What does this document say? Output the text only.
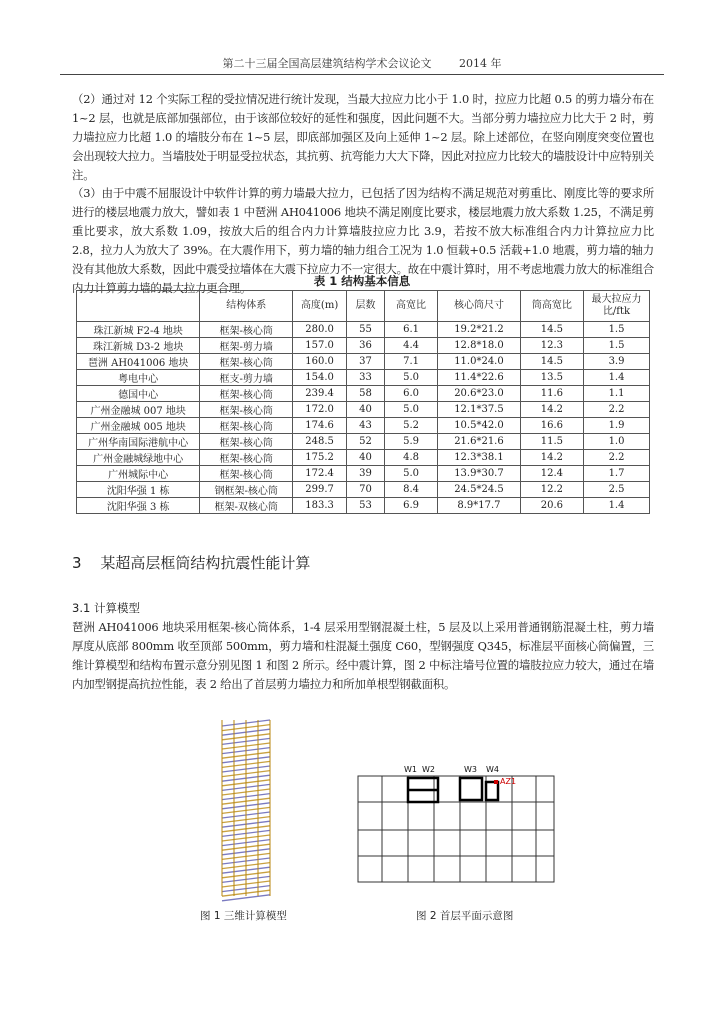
第二十三届全国高层建筑结构学术会议论文	2014 年
（2）通过对 12 个实际工程的受拉情况进行统计发现，当最大拉应力比小于 1.0 时，拉应力比超 0.5 的剪力墙分布在 1~2 层，也就是底部加强部位，由于该部位较好的延性和强度，因此问题不大。当部分剪力墙拉应力比大于 2 时，剪力墙拉应力比超 1.0 的墙肢分布在 1~5 层，即底部加强区及向上延伸 1~2 层。除上述部位，在竖向刚度突变位置也会出现较大拉力。当墙肢处于明显受拉状态，其抗剪、抗弯能力大大下降，因此对拉应力比较大的墙肢设计中应特别关注。
（3）由于中震不屈服设计中软件计算的剪力墙最大拉力，已包括了因为结构不满足规范对剪重比、刚度比等的要求所进行的楼层地震力放大，譬如表 1 中琶洲 AH041006 地块不满足刚度比要求，楼层地震力放大系数 1.25，不满足剪重比要求，放大系数 1.09，按放大后的组合内力计算墙肢拉应力比 3.9，若按不放大标准组合内力计算拉应力比 2.8，拉力人为放大了 39%。在大震作用下，剪力墙的轴力组合工况为 1.0 恒载+0.5 活载+1.0 地震，剪力墙的轴力没有其他放大系数，因此中震受拉墙体在大震下拉应力不一定很大。故在中震计算时，用不考虑地震力放大的标准组合内力计算剪力墙的最大拉力更合理。	表 1 结构基本信息
	结构体系	高度(m)	层数	高宽比	核心筒尺寸	筒高宽比	最大拉应力比/ftk
珠江新城 F2-4 地块	框架-核心筒	280.0	55	6.1	19.2*21.2	14.5	1.5
珠江新城 D3-2 地块	框架-剪力墙	157.0	36	4.4	12.8*18.0	12.3	1.5
琶洲 AH041006 地块	框架-核心筒	160.0	37	7.1	11.0*24.0	14.5	3.9
粤电中心	框支-剪力墙	154.0	33	5.0	11.4*22.6	13.5	1.4
德国中心	框架-核心筒	239.4	58	6.0	20.6*23.0	11.6	1.1
广州金融城 007 地块	框架-核心筒	172.0	40	5.0	12.1*37.5	14.2	2.2
广州金融城 005 地块	框架-核心筒	174.6	43	5.2	10.5*42.0	16.6	1.9
广州华南国际港航中心	框架-核心筒	248.5	52	5.9	21.6*21.6	11.5	1.0
广州金融城绿地中心	框架-核心筒	175.2	40	4.8	12.3*38.1	14.2	2.2
广州城际中心	框架-核心筒	172.4	39	5.0	13.9*30.7	12.4	1.7
沈阳华强 1 栋	钢框架-核心筒	299.7	70	8.4	24.5*24.5	12.2	2.5
沈阳华强 3 栋	框架-双核心筒	183.3	53	6.9	8.9*17.7	20.6	1.4
3 某超高层框筒结构抗震性能计算
3.1 计算模型
琶洲 AH041006 地块采用框架-核心筒体系，1-4 层采用型钢混凝土柱，5 层及以上采用普通钢筋混凝土柱，剪力墙厚度从底部 800mm 收至顶部 500mm，剪力墙和柱混凝土强度 C60，型钢强度 Q345，标准层平面核心筒偏置，三维计算模型和结构布置示意分别见图 1 和图 2 所示。经中震计算，图 2 中标注墙号位置的墙肢拉应力较大，通过在墙内加型钢提高抗拉性能，表 2 给出了首层剪力墙拉力和所加单根型钢截面积。
W1 W2	W3 W4
AZ1
图 1 三维计算模型	图 2 首层平面示意图
